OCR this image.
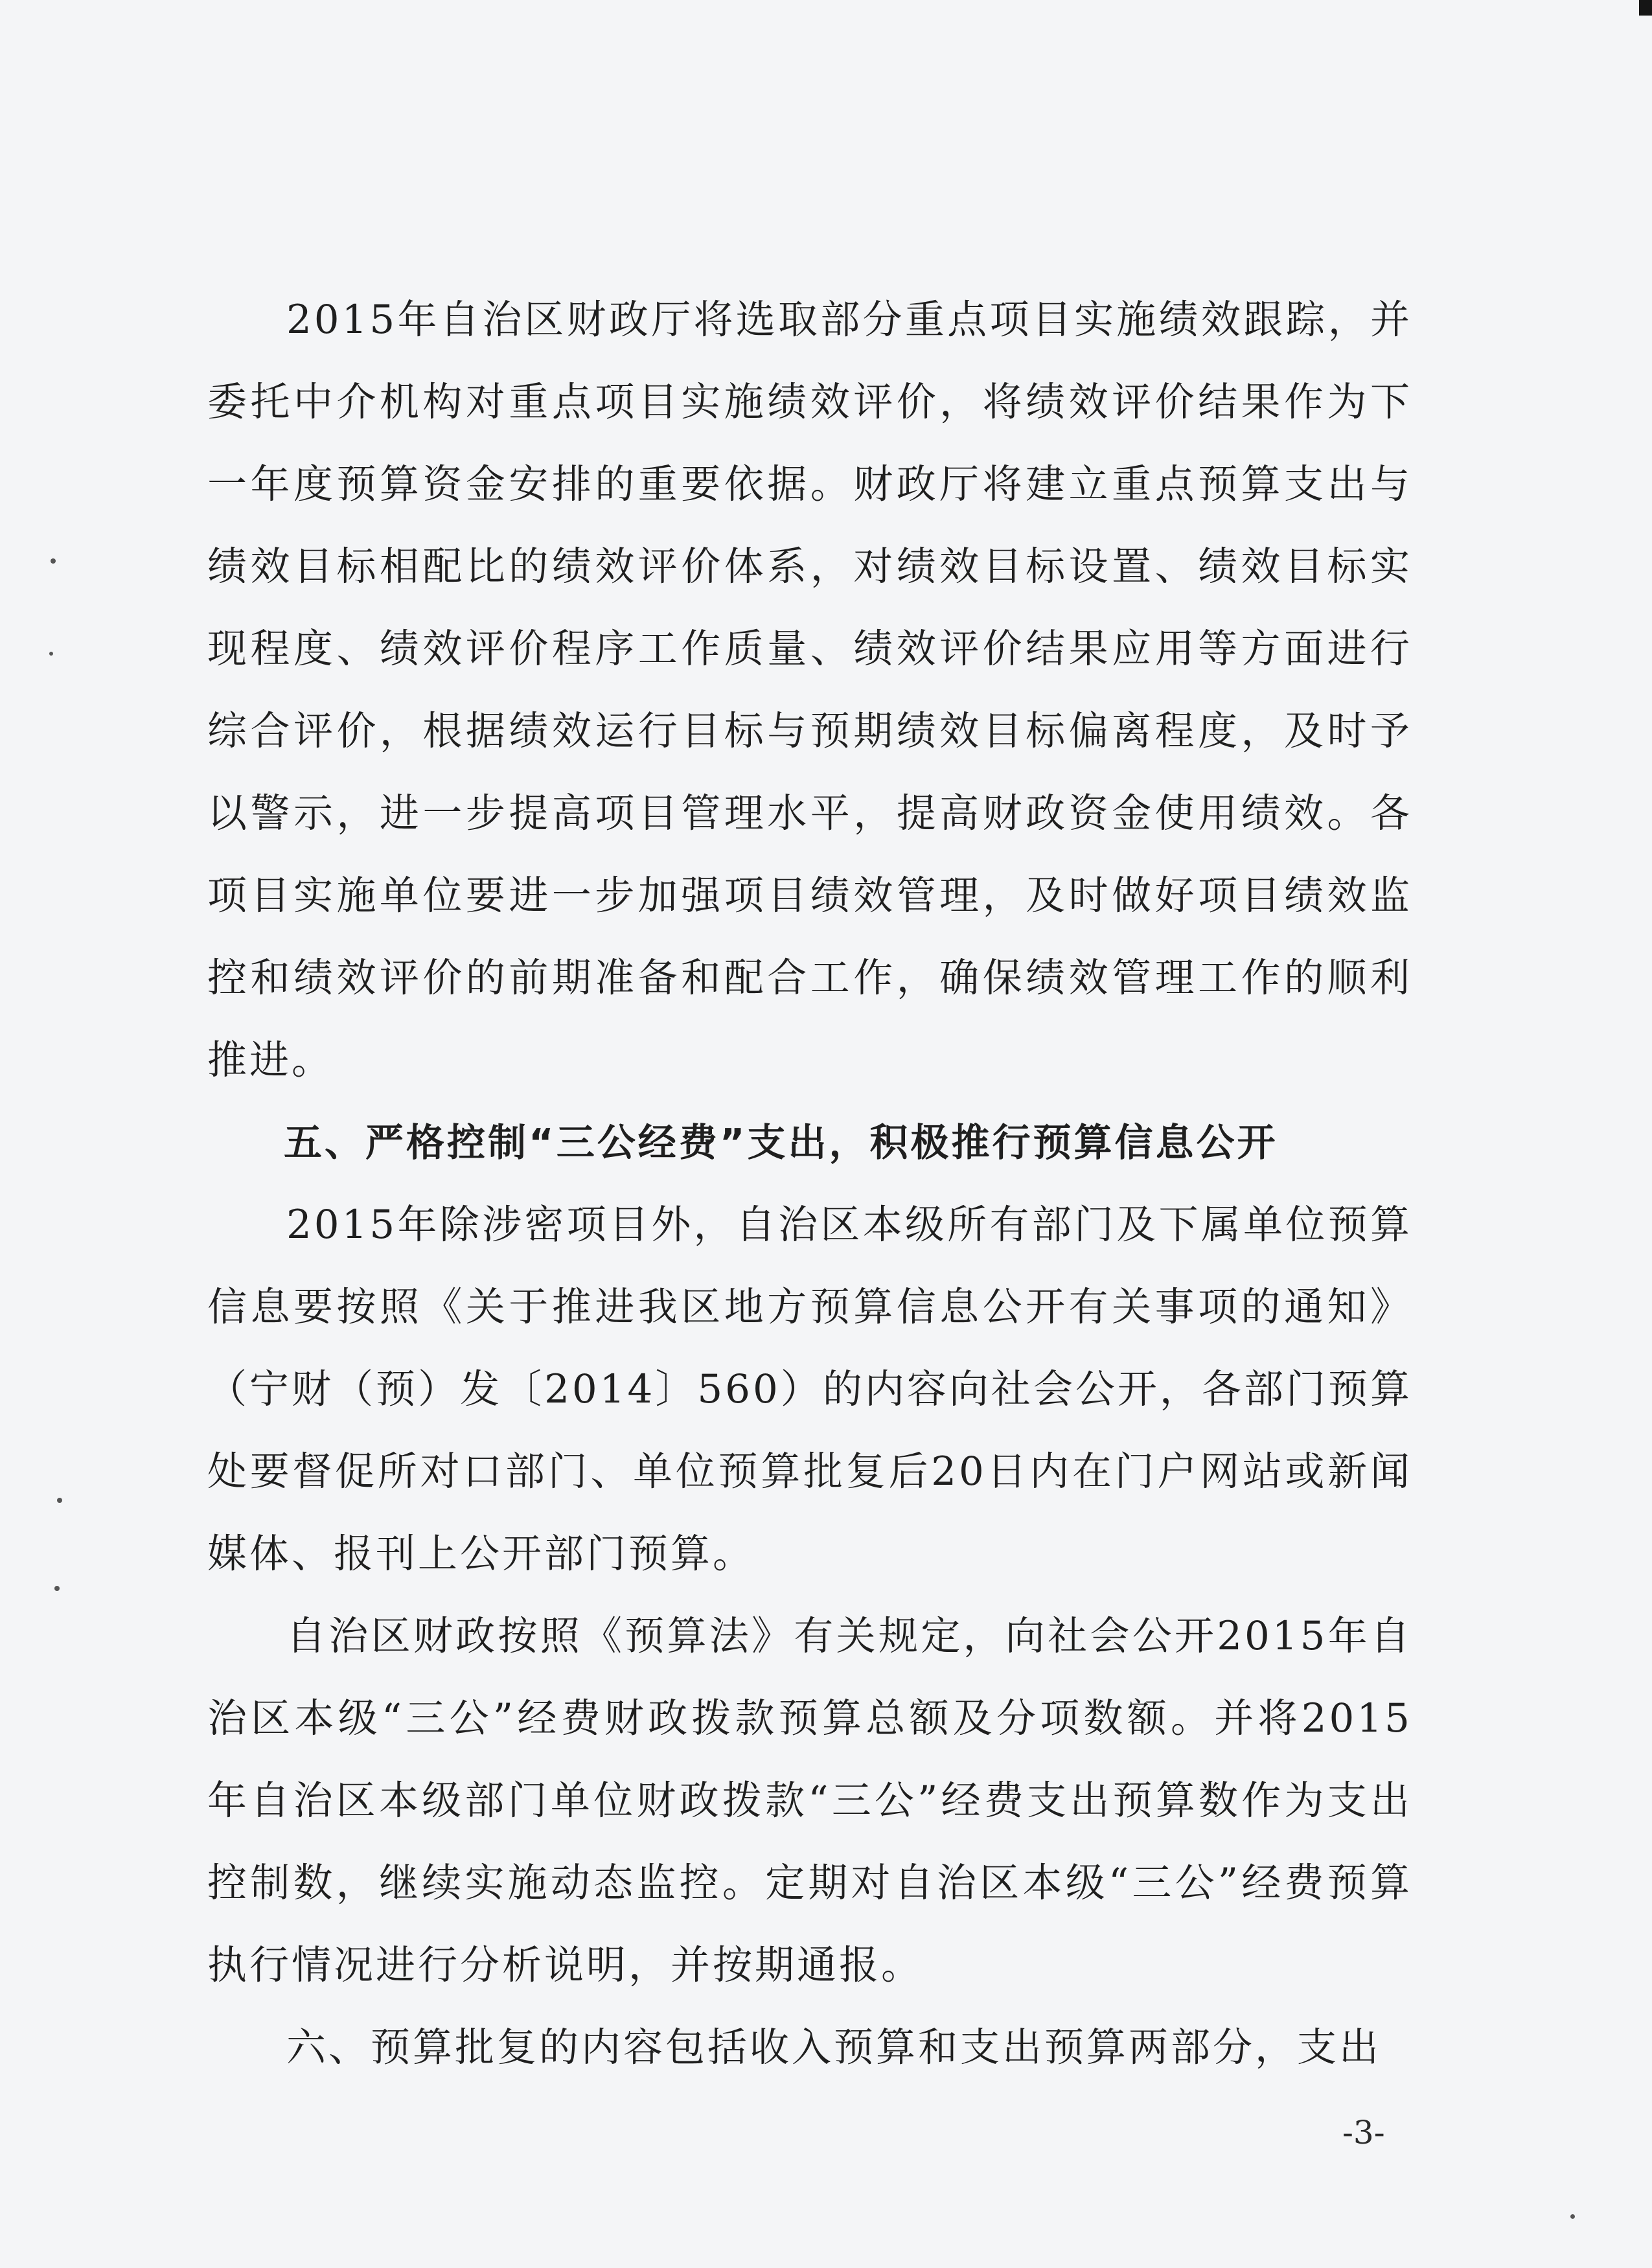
2015年自治区财政厅将选取部分重点项目实施绩效跟踪，并委托中介机构对重点项目实施绩效评价，将绩效评价结果作为下一年度预算资金安排的重要依据。财政厅将建立重点预算支出与绩效目标相配比的绩效评价体系，对绩效目标设置、绩效目标实现程度、绩效评价程序工作质量、绩效评价结果应用等方面进行综合评价，根据绩效运行目标与预期绩效目标偏离程度，及时予以警示，进一步提高项目管理水平，提高财政资金使用绩效。各项目实施单位要进一步加强项目绩效管理，及时做好项目绩效监控和绩效评价的前期准备和配合工作，确保绩效管理工作的顺利推进。

五、严格控制“三公经费”支出，积极推行预算信息公开

2015年除涉密项目外，自治区本级所有部门及下属单位预算信息要按照《关于推进我区地方预算信息公开有关事项的通知》（宁财（预）发〔2014〕560）的内容向社会公开，各部门预算处要督促所对口部门、单位预算批复后20日内在门户网站或新闻媒体、报刊上公开部门预算。

自治区财政按照《预算法》有关规定，向社会公开2015年自治区本级“三公”经费财政拨款预算总额及分项数额。并将2015年自治区本级部门单位财政拨款“三公”经费支出预算数作为支出控制数，继续实施动态监控。定期对自治区本级“三公”经费预算执行情况进行分析说明，并按期通报。

六、预算批复的内容包括收入预算和支出预算两部分，支出

-3-
